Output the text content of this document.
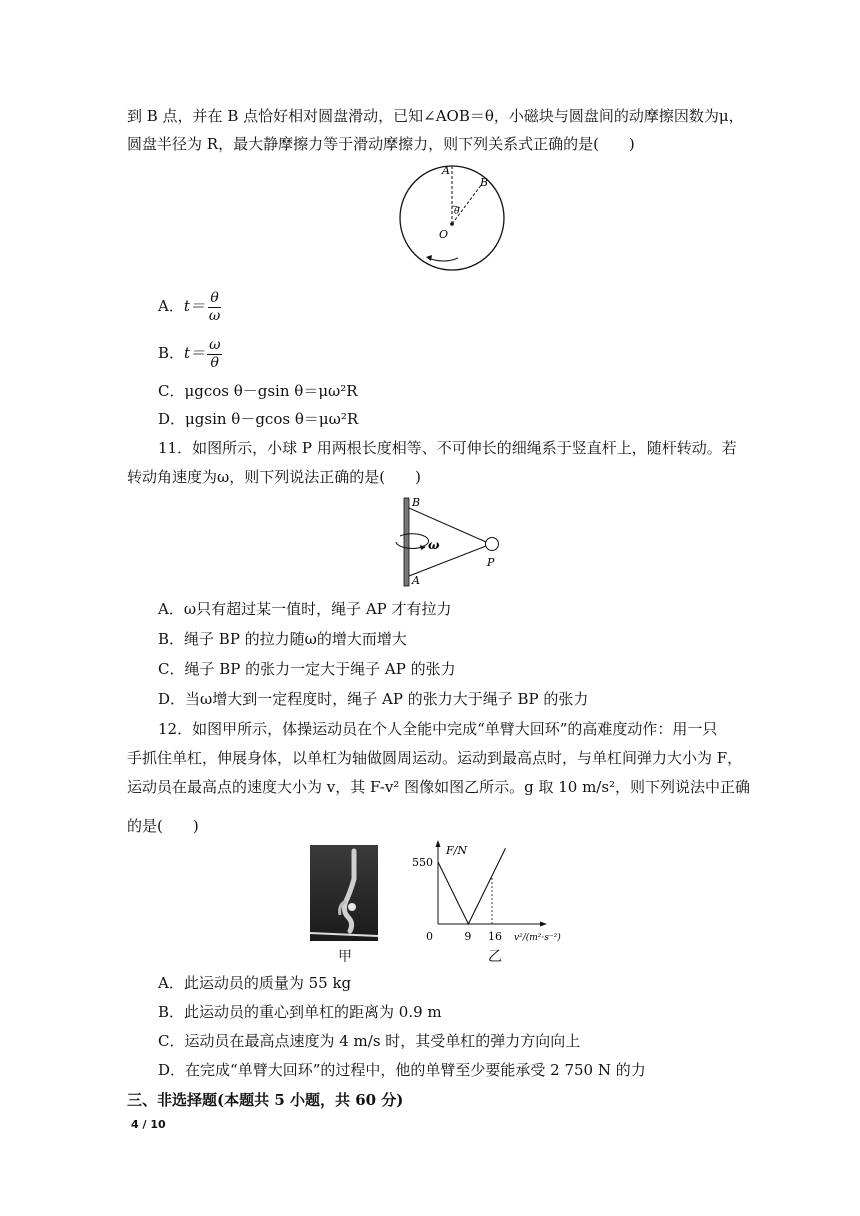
到 B 点，并在 B 点恰好相对圆盘滑动，已知∠AOB＝θ，小磁块与圆盘间的动摩擦因数为μ，
圆盘半径为 R，最大静摩擦力等于滑动摩擦力，则下列关系式正确的是(　　)
A
B
θ
O
A．$t= \frac{\theta}{\omega}$
B．$t= \frac{\omega}{\theta}$
C．μgcos θ－gsin θ＝μω²R
D．μgsin θ－gcos θ＝μω²R
11．如图所示，小球 P 用两根长度相等、不可伸长的细绳系于竖直杆上，随杆转动。若
转动角速度为ω，则下列说法正确的是(　　)
B
ω
P
A
A．ω只有超过某一值时，绳子 AP 才有拉力
B．绳子 BP 的拉力随ω的增大而增大
C．绳子 BP 的张力一定大于绳子 AP 的张力
D．当ω增大到一定程度时，绳子 AP 的张力大于绳子 BP 的张力
12．如图甲所示，体操运动员在个人全能中完成“单臂大回环”的高难度动作：用一只
手抓住单杠，伸展身体，以单杠为轴做圆周运动。运动到最高点时，与单杠间弹力大小为 F，
运动员在最高点的速度大小为 v，其 F-v² 图像如图乙所示。g 取 10 m/s²，则下列说法中正确
的是(　　)
甲
0	9 16
550
F/N
v²/(m²·s⁻²)
乙
A．此运动员的质量为 55 kg
B．此运动员的重心到单杠的距离为 0.9 m
C．运动员在最高点速度为 4 m/s 时，其受单杠的弹力方向向上
D．在完成“单臂大回环”的过程中，他的单臂至少要能承受 2 750 N 的力
三、非选择题(本题共 5 小题，共 60 分)
4 / 10
